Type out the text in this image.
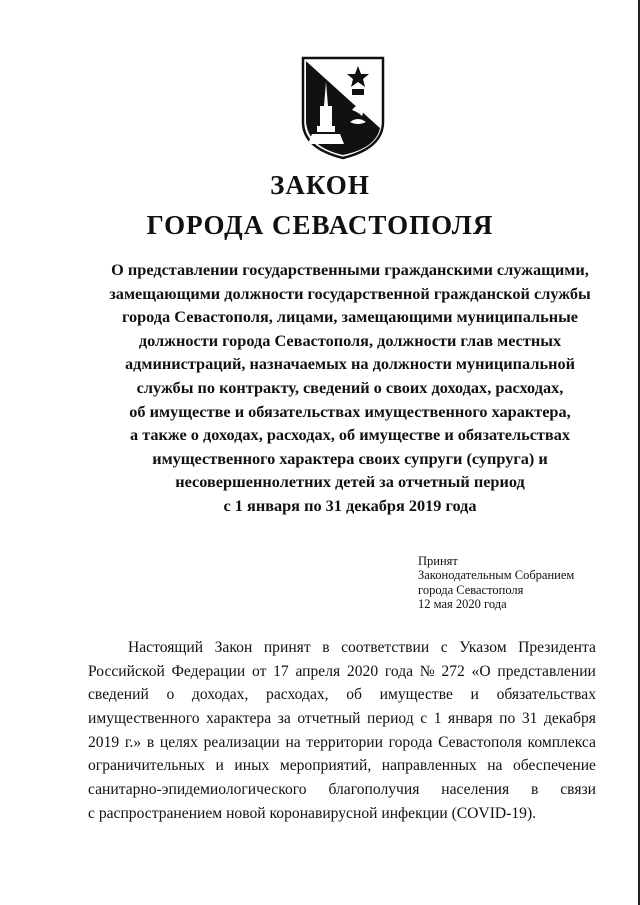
ЗАКОН
ГОРОДА СЕВАСТОПОЛЯ
О представлении государственными гражданскими служащими,
замещающими должности государственной гражданской службы
города Севастополя, лицами, замещающими муниципальные
должности города Севастополя, должности глав местных
администраций, назначаемых на должности муниципальной
службы по контракту, сведений о своих доходах, расходах,
об имуществе и обязательствах имущественного характера,
а также о доходах, расходах, об имуществе и обязательствах
имущественного характера своих супруги (супруга) и
несовершеннолетних детей за отчетный период
с 1 января по 31 декабря 2019 года
Принят
Законодательным Собранием
города Севастополя
12 мая 2020 года
Настоящий Закон принят в соответствии с Указом Президента
Российской Федерации от 17 апреля 2020 года № 272 «О представлении
сведений о доходах, расходах, об имуществе и обязательствах
имущественного характера за отчетный период с 1 января по 31 декабря
2019 г.» в целях реализации на территории города Севастополя комплекса
ограничительных и иных мероприятий, направленных на обеспечение
санитарно-эпидемиологического благополучия населения в связи
с распространением новой коронавирусной инфекции (COVID-19).
